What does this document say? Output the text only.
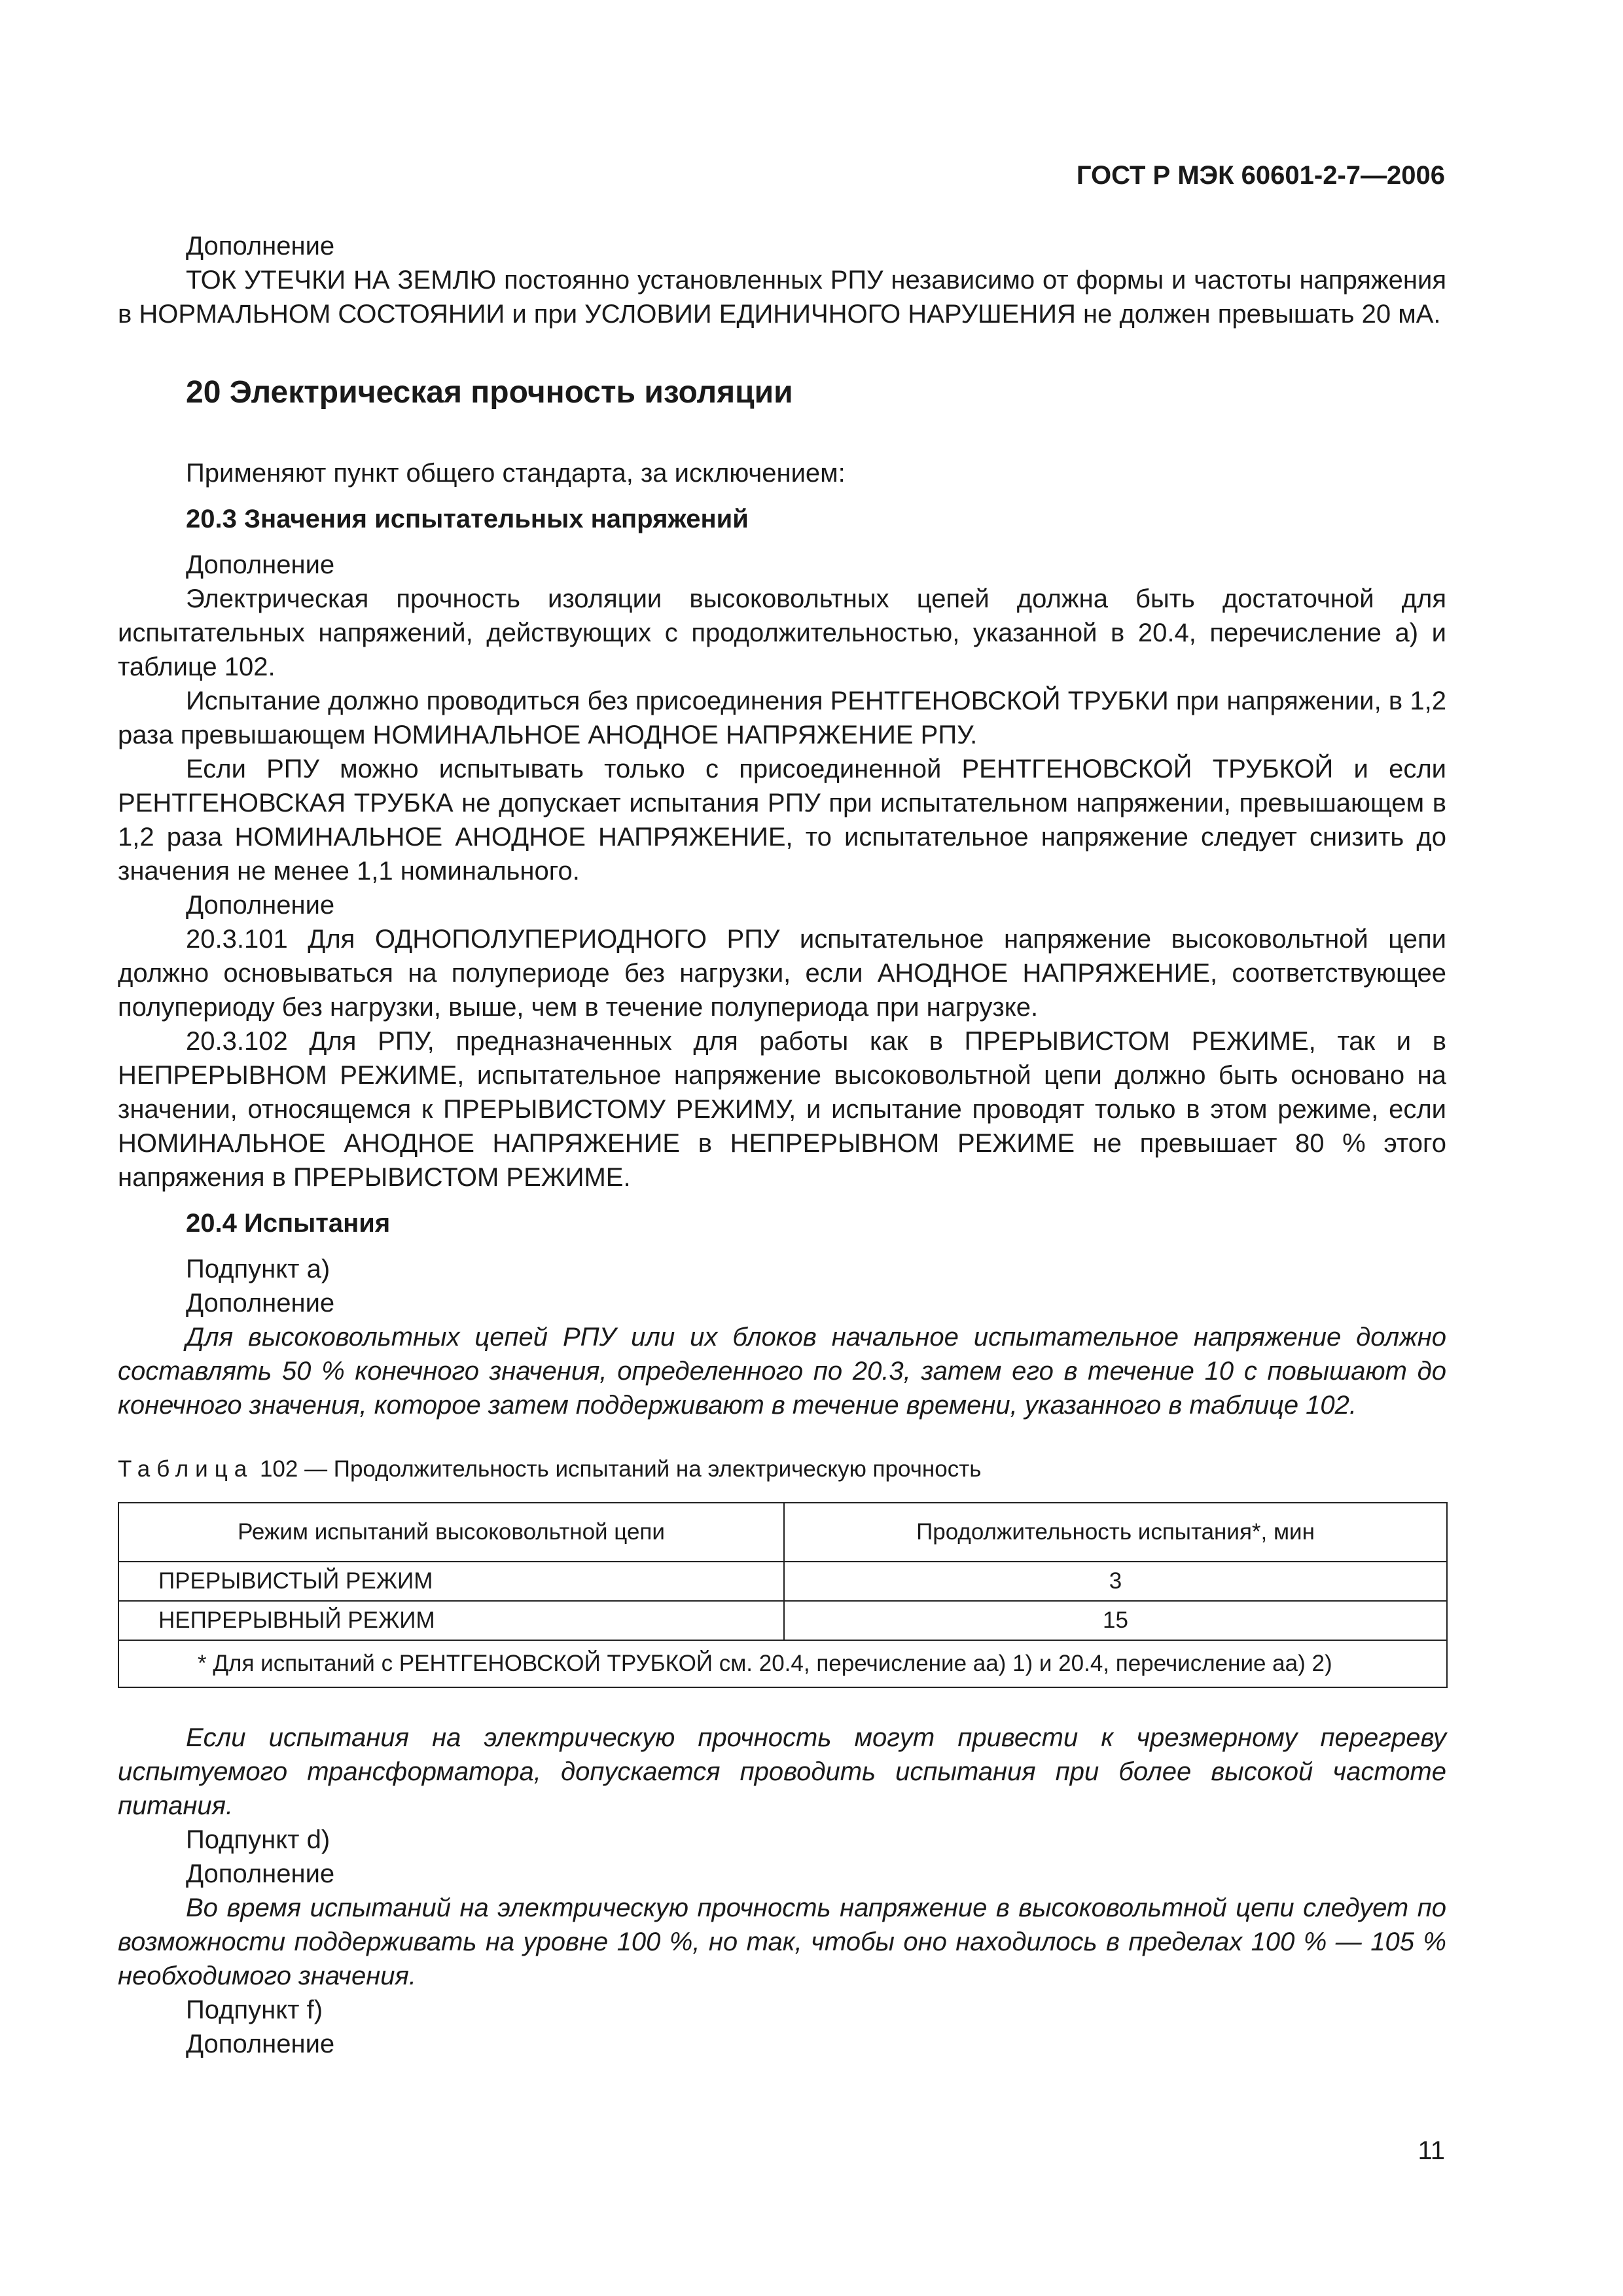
ГОСТ Р МЭК 60601-2-7—2006

Дополнение

ТОК УТЕЧКИ НА ЗЕМЛЮ постоянно установленных РПУ независимо от формы и частоты напряжения в НОРМАЛЬНОМ СОСТОЯНИИ и при УСЛОВИИ ЕДИНИЧНОГО НАРУШЕНИЯ не должен превышать 20 мА.

20 Электрическая прочность изоляции

Применяют пункт общего стандарта, за исключением:

20.3 Значения испытательных напряжений

Дополнение

Электрическая прочность изоляции высоковольтных цепей должна быть достаточной для испытательных напряжений, действующих с продолжительностью, указанной в 20.4, перечисление а) и таблице 102.

Испытание должно проводиться без присоединения РЕНТГЕНОВСКОЙ ТРУБКИ при напряжении, в 1,2 раза превышающем НОМИНАЛЬНОЕ АНОДНОЕ НАПРЯЖЕНИЕ РПУ.

Если РПУ можно испытывать только с присоединенной РЕНТГЕНОВСКОЙ ТРУБКОЙ и если РЕНТГЕНОВСКАЯ ТРУБКА не допускает испытания РПУ при испытательном напряжении, превышающем в 1,2 раза НОМИНАЛЬНОЕ АНОДНОЕ НАПРЯЖЕНИЕ, то испытательное напряжение следует снизить до значения не менее 1,1 номинального.

Дополнение

20.3.101 Для ОДНОПОЛУПЕРИОДНОГО РПУ испытательное напряжение высоковольтной цепи должно основываться на полупериоде без нагрузки, если АНОДНОЕ НАПРЯЖЕНИЕ, соответствующее полупериоду без нагрузки, выше, чем в течение полупериода при нагрузке.

20.3.102 Для РПУ, предназначенных для работы как в ПРЕРЫВИСТОМ РЕЖИМЕ, так и в НЕПРЕРЫВНОМ РЕЖИМЕ, испытательное напряжение высоковольтной цепи должно быть основано на значении, относящемся к ПРЕРЫВИСТОМУ РЕЖИМУ, и испытание проводят только в этом режиме, если НОМИНАЛЬНОЕ АНОДНОЕ НАПРЯЖЕНИЕ в НЕПРЕРЫВНОМ РЕЖИМЕ не превышает 80 % этого напряжения в ПРЕРЫВИСТОМ РЕЖИМЕ.

20.4 Испытания

Подпункт а)

Дополнение

Для высоковольтных цепей РПУ или их блоков начальное испытательное напряжение должно составлять 50 % конечного значения, определенного по 20.3, затем его в течение 10 с повышают до конечного значения, которое затем поддерживают в течение времени, указанного в таблице 102.

Таблица 102 — Продолжительность испытаний на электрическую прочность
Режим испытаний высоковольтной цепи	Продолжительность испытания*, мин
ПРЕРЫВИСТЫЙ РЕЖИМ	3
НЕПРЕРЫВНЫЙ РЕЖИМ	15
* Для испытаний с РЕНТГЕНОВСКОЙ ТРУБКОЙ см. 20.4, перечисление аа) 1) и 20.4, перечисление аа) 2)	

Если испытания на электрическую прочность могут привести к чрезмерному перегреву испытуемого трансформатора, допускается проводить испытания при более высокой частоте питания.

Подпункт d)

Дополнение

Во время испытаний на электрическую прочность напряжение в высоковольтной цепи следует по возможности поддерживать на уровне 100 %, но так, чтобы оно находилось в пределах 100 % — 105 % необходимого значения.

Подпункт f)

Дополнение

11
